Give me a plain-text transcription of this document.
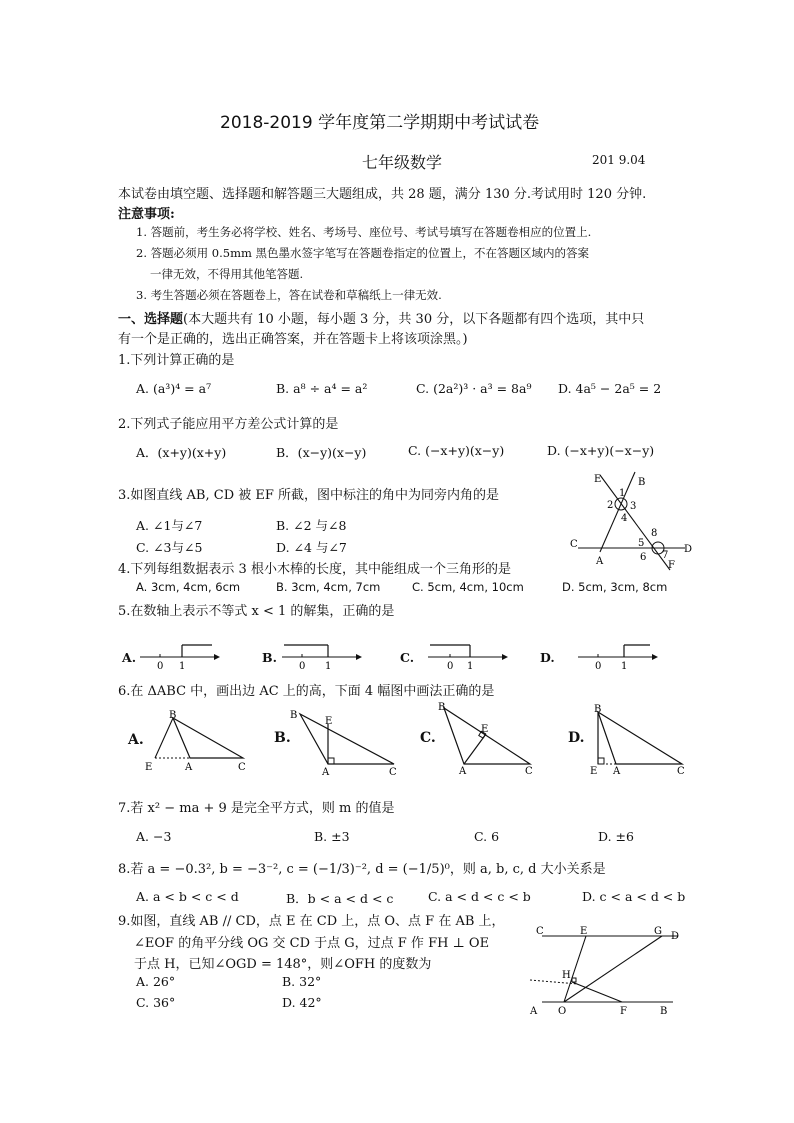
2018-2019 学年度第二学期期中考试试卷
七年级数学	201 9.04
本试卷由填空题、选择题和解答题三大题组成，共 28 题，满分 130 分.考试用时 120 分钟.
注意事项:
1. 答题前，考生务必将学校、姓名、考场号、座位号、考试号填写在答题卷相应的位置上.
2. 答题必须用 0.5mm 黑色墨水签字笔写在答题卷指定的位置上，不在答题区域内的答案
一律无效，不得用其他笔答题.
3. 考生答题必须在答题卷上，答在试卷和草稿纸上一律无效.
一、选择题(本大题共有 10 小题，每小题 3 分，共 30 分，以下各题都有四个选项，其中只
有一个是正确的，选出正确答案，并在答题卡上将该项涂黑。)
1.下列计算正确的是
A. (a³)⁴ = a⁷	B. a⁸ ÷ a⁴ = a²	C. (2a²)³ · a³ = 8a⁹ D. 4a⁵ − 2a⁵ = 2
2.下列式子能应用平方差公式计算的是
A．(x+y)(x+y)	B．(x−y)(x−y)	C. (−x+y)(x−y)	D. (−x+y)(−x−y)
3.如图直线 AB, CD 被 EF 所截，图中标注的角中为同旁内角的是
A. ∠1与∠7	B. ∠2 与∠8
C. ∠3与∠5	D. ∠4 与∠7
E	B
1
2 3
4
C
A
5
8
6 7
D
F
4.下列每组数据表示 3 根小木棒的长度，其中能组成一个三角形的是
A. 3cm, 4cm, 6cm	B. 3cm, 4cm, 7cm	C. 5cm, 4cm, 10cm	D. 5cm, 3cm, 8cm
5.在数轴上表示不等式 x < 1 的解集，正确的是
A.	B.	C.	D.
0 1	0 1	0 1	0 1
6.在 ΔABC 中，画出边 AC 上的高，下面 4 幅图中画法正确的是
A.	B.	C.	D.
B
E	A	C
B
E
A	C
B
E
A	C
B
E A	C
7.若 x² − ma + 9 是完全平方式，则 m 的值是
A. −3	B. ±3	C. 6	D. ±6
8.若 a = −0.3², b = −3⁻², c = (−1/3)⁻², d = (−1/5)⁰，则 a, b, c, d 大小关系是
A. a < b < c < d	B．b < a < d < c	C. a < d < c < b	D. c < a < d < b
9.如图，直线 AB // CD，点 E 在 CD 上，点 O、点 F 在 AB 上，
∠EOF 的角平分线 OG 交 CD 于点 G，过点 F 作 FH ⊥ OE
于点 H，已知∠OGD = 148°，则∠OFH 的度数为
A. 26°	B. 32°
C. 36°	D. 42°
C	E	G D
H
A O	F	B
